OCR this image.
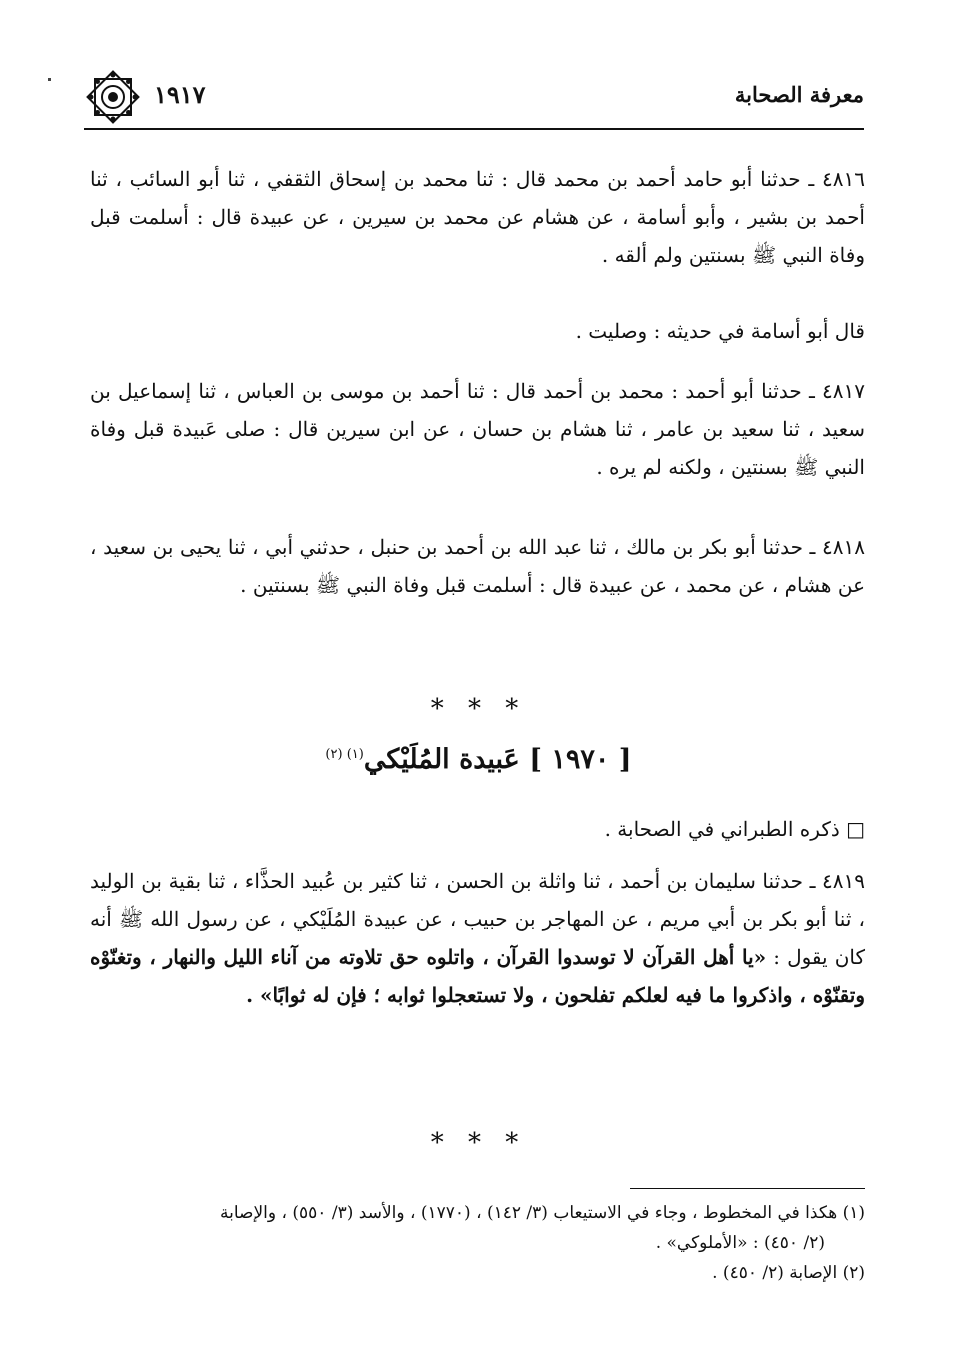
معرفة الصحابة
١٩١٧
٤٨١٦ ـ حدثنا أبو حامد أحمد بن محمد قال : ثنا محمد بن إسحاق الثقفي ، ثنا أبو السائب ، ثنا أحمد بن بشير ، وأبو أسامة ، عن هشام عن محمد بن سيرين ، عن عبيدة قال : أسلمت قبل وفاة النبي ﷺ بسنتين ولم ألقه .
قال أبو أسامة في حديثه : وصليت .
٤٨١٧ ـ حدثنا أبو أحمد : محمد بن أحمد قال : ثنا أحمد بن موسى بن العباس ، ثنا إسماعيل بن سعيد ، ثنا سعيد بن عامر ، ثنا هشام بن حسان ، عن ابن سيرين قال : صلى عَبيدة قبل وفاة النبي ﷺ بسنتين ، ولكنه لم يره .
٤٨١٨ ـ حدثنا أبو بكر بن مالك ، ثنا عبد الله بن أحمد بن حنبل ، حدثني أبي ، ثنا يحيى بن سعيد ، عن هشام ، عن محمد ، عن عبيدة قال : أسلمت قبل وفاة النبي ﷺ بسنتين .
* * *
[ ١٩٧٠ ] عَبيدة المُلَيْكي$^{(١) (٢)}$
□ ذكره الطبراني في الصحابة .
٤٨١٩ ـ حدثنا سليمان بن أحمد ، ثنا واثلة بن الحسن ، ثنا كثير بن عُبيد الحذَّاء ، ثنا بقية بن الوليد ، ثنا أبو بكر بن أبي مريم ، عن المهاجر بن حبيب ، عن عبيدة المُلَيْكي ، عن رسول الله ﷺ أنه كان يقول : «يا أهل القرآن لا توسدوا القرآن ، واتلوه حق تلاوته من آناء الليل والنهار ، وتغنّوْه وتقنّوْه ، واذكروا ما فيه لعلكم تفلحون ، ولا تستعجلوا ثوابه ؛ فإن له ثوابًا» .
* * *
(١) هكذا في المخطوط ، وجاء في الاستيعاب (٣/ ١٤٢) ، (١٧٧٠) ، والأسد (٣/ ٥٥٠) ، والإصابة
(٢/ ٤٥٠) : «الأملوكي» .
(٢) الإصابة (٢/ ٤٥٠) .
